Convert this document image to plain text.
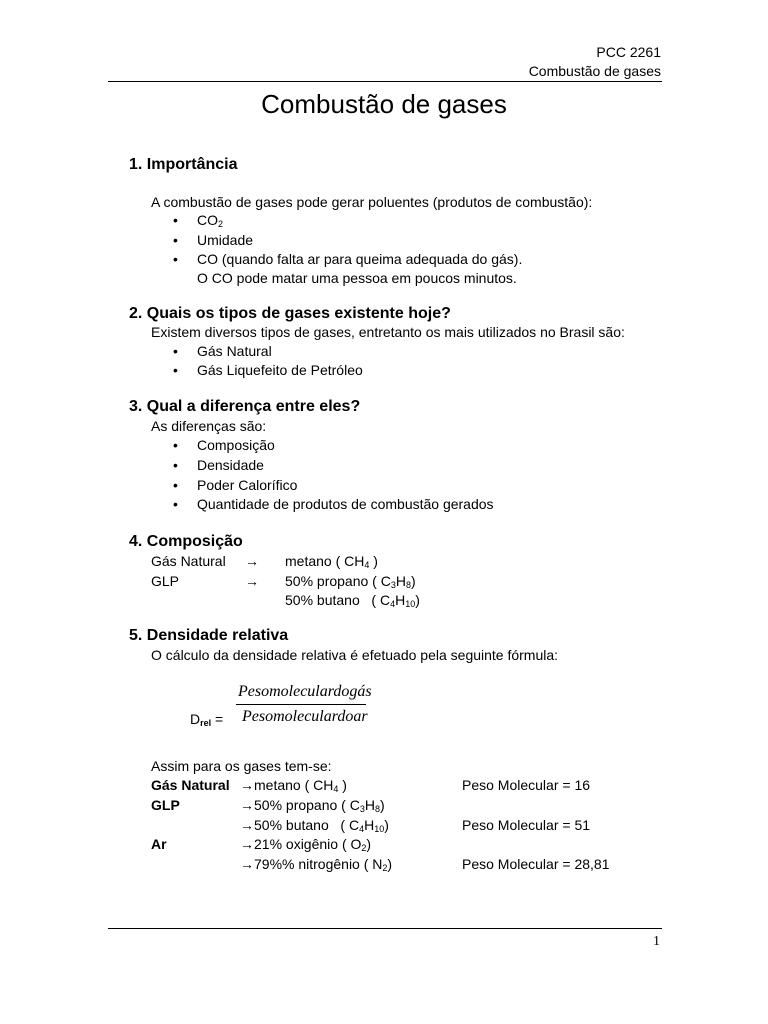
PCC 2261
Combustão de gases
Combustão de gases
1. Importância
A combustão de gases pode gerar poluentes (produtos de combustão):
• $CO_2$
• Umidade
• CO (quando falta ar para queima adequada do gás).
O CO pode matar uma pessoa em poucos minutos.
2. Quais os tipos de gases existente hoje?
Existem diversos tipos de gases, entretanto os mais utilizados no Brasil são:
• Gás Natural
• Gás Liquefeito de Petróleo
3. Qual a diferença entre eles?
As diferenças são:
• Composição
• Densidade
• Poder Calorífico
• Quantidade de produtos de combustão gerados
4. Composição
Gás Natural → metano ( $CH_4$ )
GLP	→ 50% propano ( $C_3H_8$)
50% butano   ( $C_4H_{10}$)
5. Densidade relativa
O cálculo da densidade relativa é efetuado pela seguinte fórmula:
Pesomoleculardogás
Pesomoleculardoar
$D_{rel}$ =
Assim para os gases tem-se:
Gás Natural →metano ( $CH_4$ )	Peso Molecular = 16
GLP	→50% propano ( $C_3H_8$)
→50% butano   ( $C_4H_{10}$)	Peso Molecular = 51
Ar	→21% oxigênio ( $O_2$)
→79%% nitrogênio ( $N_2$)	Peso Molecular = 28,81
1
